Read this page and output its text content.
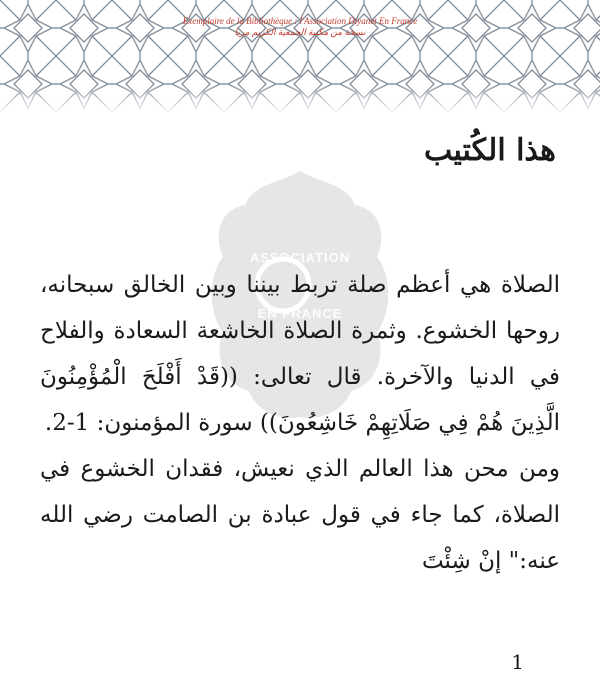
Exemplaire de la Bibliothèque : l'Association Diyanet En France
نسخة من مكتبة الجمعية الكريم مريا
ASSOCIATION
EN FRANCE
هذا الكُتيب

الصلاة هي أعظم صلة تربط بيننا وبين الخالق سبحانه، روحها الخشوع. وثمرة الصلاة الخاشعة السعادة والفلاح في الدنيا والآخرة. قال تعالى: ((قَدْ أَفْلَحَ الْمُؤْمِنُونَ الَّذِينَ هُمْ فِي صَلَاتِهِمْ خَاشِعُونَ)) سورة المؤمنون: 1-2.

ومن محن هذا العالم الذي نعيش، فقدان الخشوع في الصلاة، كما جاء في قول عبادة بن الصامت رضي الله عنه:" إنْ شِئْتَ

1
